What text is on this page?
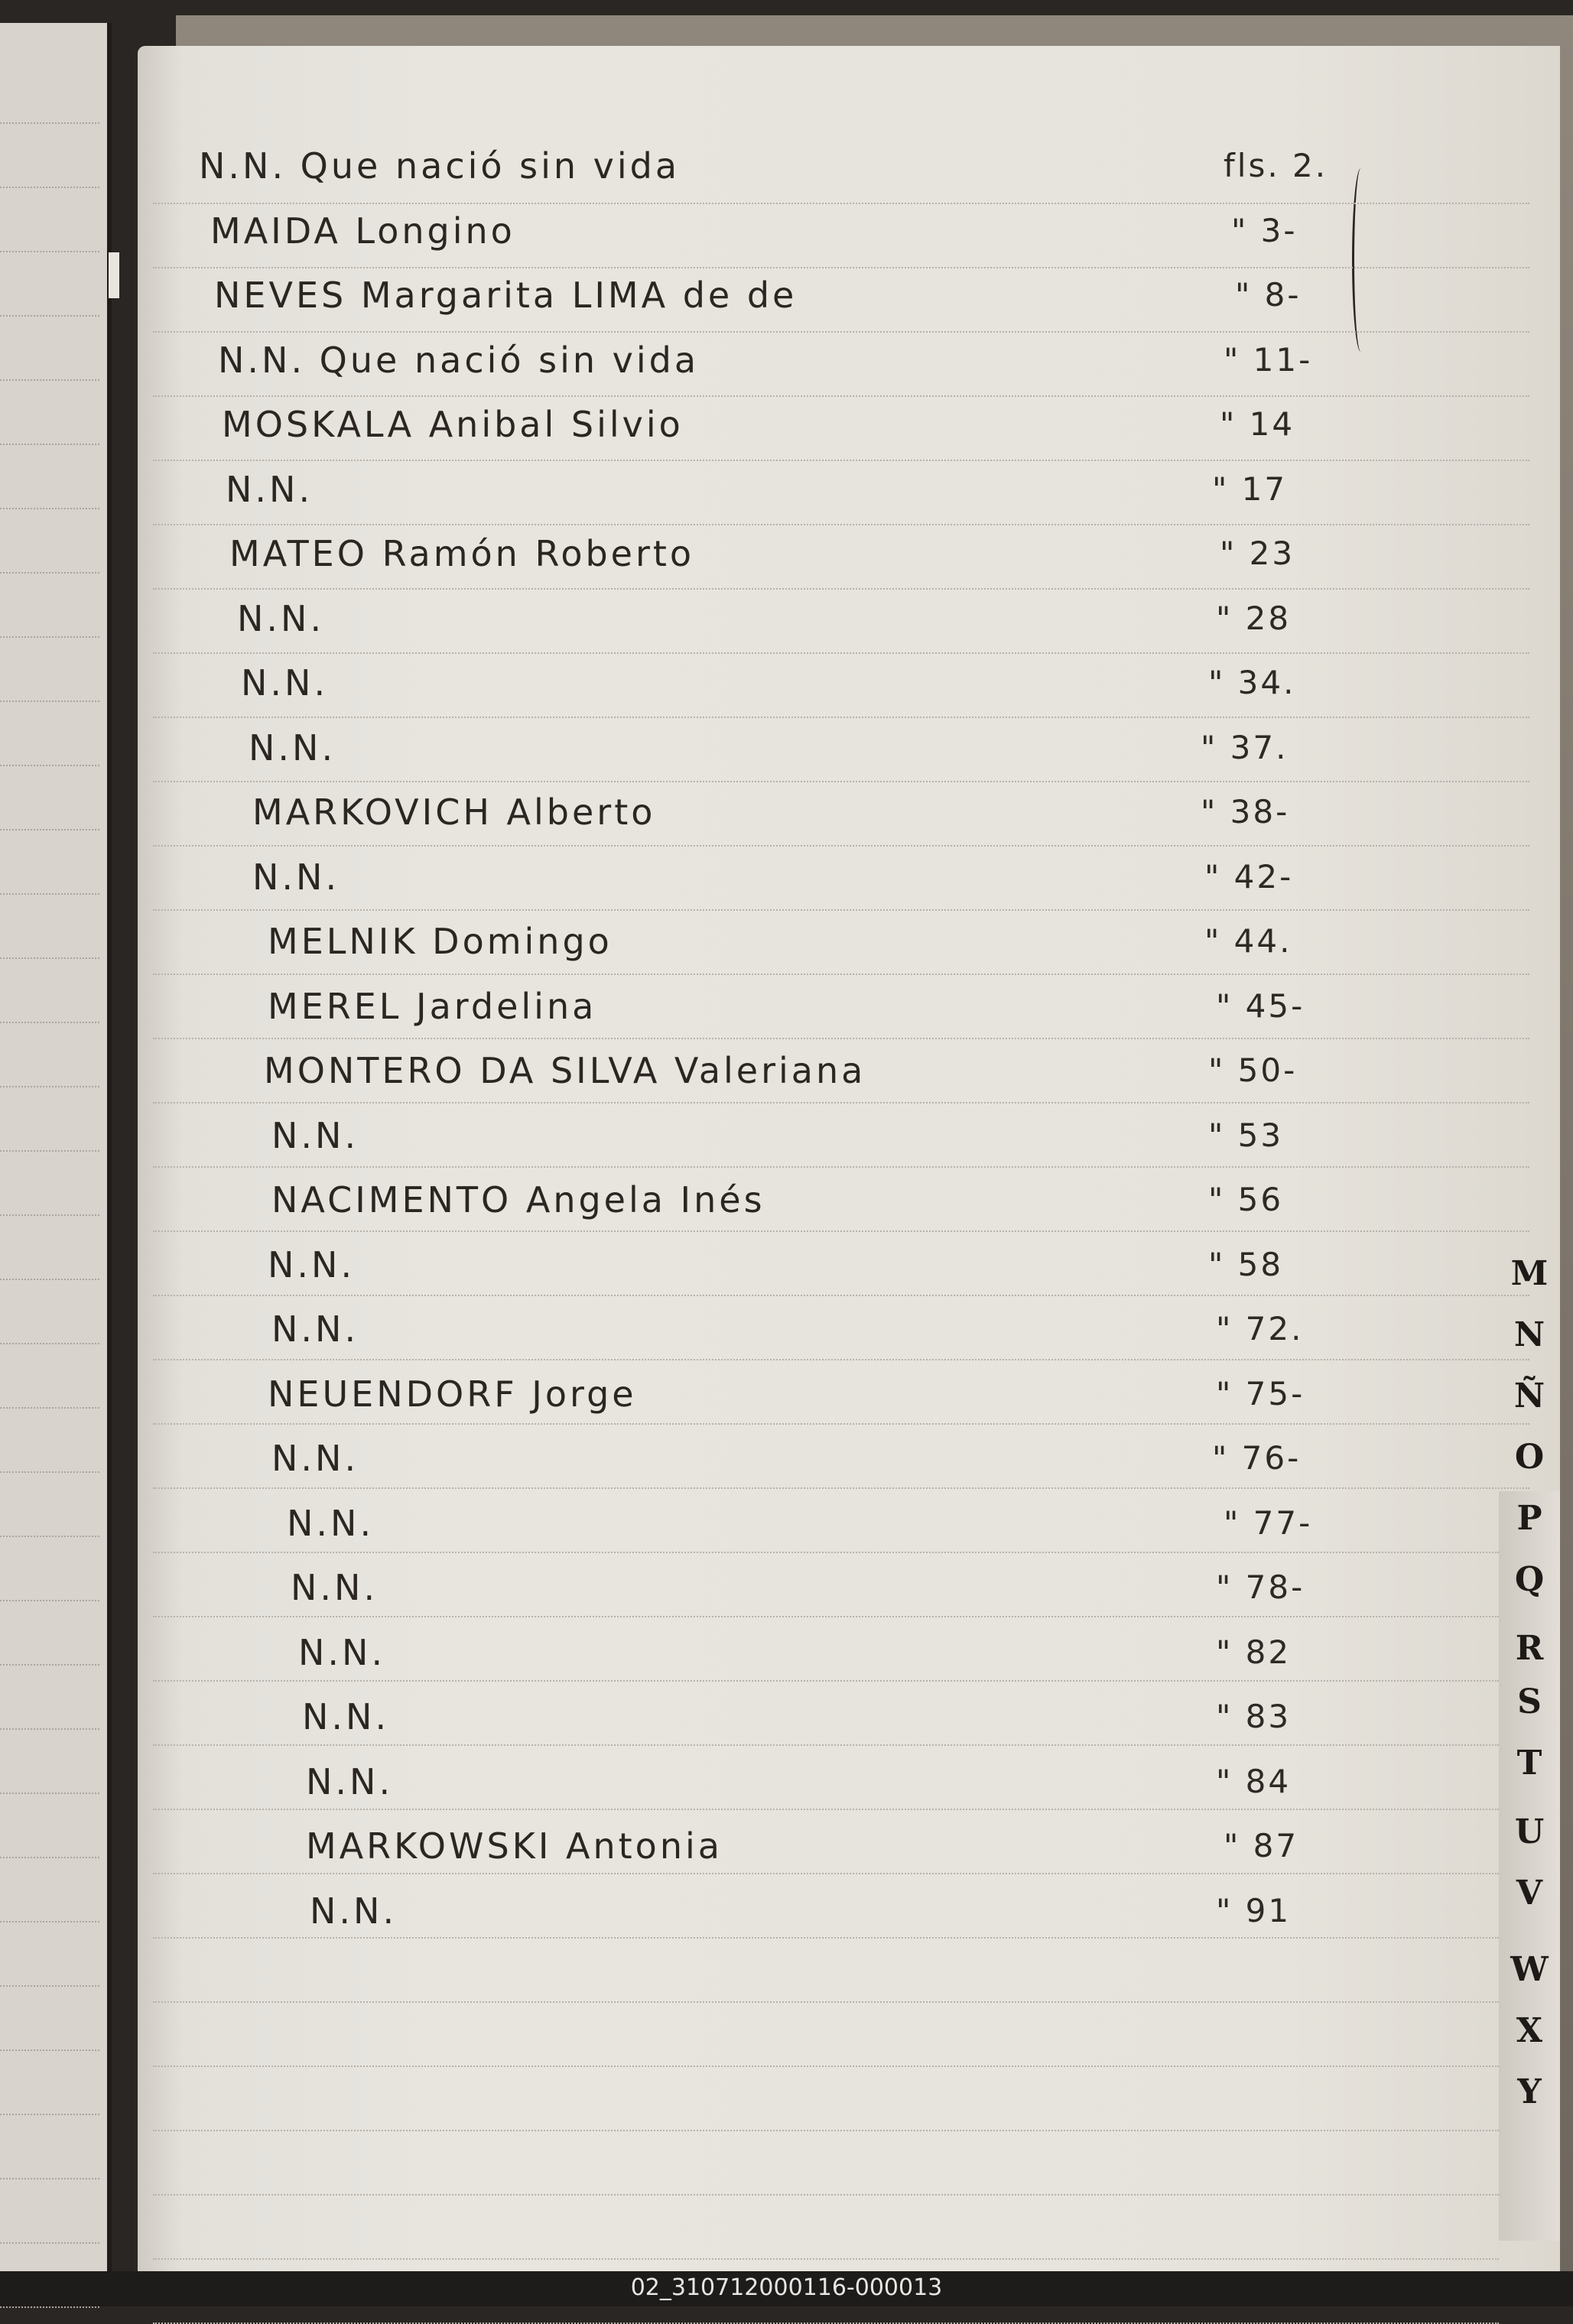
N.N. Que nació sin vida	fls. 2.
MAIDA Longino	" 3-
NEVES Margarita LIMA de de	" 8-
N.N. Que nació sin vida	" 11-
MOSKALA Anibal Silvio	" 14
N.N.	" 17
MATEO Ramón Roberto	" 23
N.N.	" 28
N.N.	" 34.
N.N.	" 37.
MARKOVICH Alberto	" 38-
N.N.	" 42-
MELNIK Domingo	" 44.
MEREL Jardelina	" 45-
MONTERO DA SILVA Valeriana	" 50-
N.N.	" 53
NACIMENTO Angela Inés	" 56
N.N.	" 58
N.N.	" 72.
NEUENDORF Jorge	" 75-
N.N.	" 76-
N.N.	" 77-
N.N.	" 78-
N.N.	" 82
N.N.	" 83
N.N.	" 84
MARKOWSKI Antonia	" 87
N.N.	" 91
M
N
Ñ
O
P
Q
R
S
T
U
V
W
X
Y
02_310712000116-000013
